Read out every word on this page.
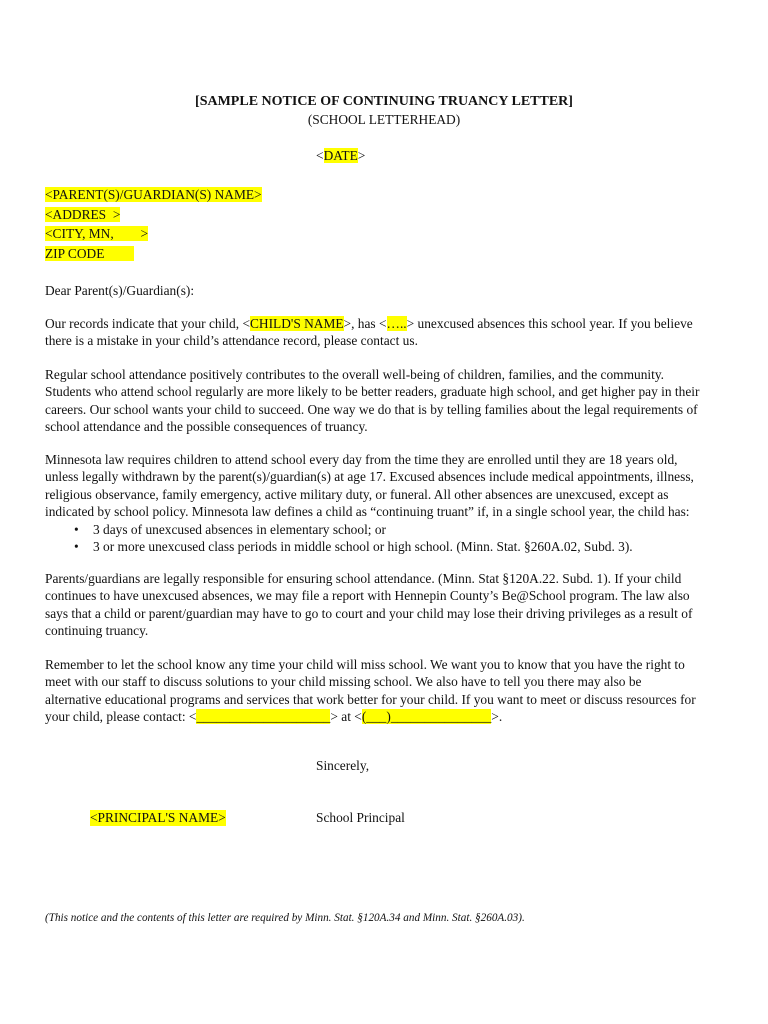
[SAMPLE NOTICE OF CONTINUING TRUANCY LETTER]
(SCHOOL LETTERHEAD)
<DATE>
<PARENT(S)/GUARDIAN(S) NAME>
<ADDRES  >
<CITY, MN,        >
ZIP CODE
Dear Parent(s)/Guardian(s):
Our records indicate that your child, <CHILD'S NAME>, has <…..> unexcused absences this school year. If you believe
there is a mistake in your child’s attendance record, please contact us.
Regular school attendance positively contributes to the overall well-being of children, families, and the community.
Students who attend school regularly are more likely to be better readers, graduate high school, and get higher pay in their
careers. Our school wants your child to succeed. One way we do that is by telling families about the legal requirements of
school attendance and the possible consequences of truancy.
Minnesota law requires children to attend school every day from the time they are enrolled until they are 18 years old,
unless legally withdrawn by the parent(s)/guardian(s) at age 17. Excused absences include medical appointments, illness,
religious observance, family emergency, active military duty, or funeral. All other absences are unexcused, except as
indicated by school policy. Minnesota law defines a child as “continuing truant” if, in a single school year, the child has:
• 3 days of unexcused absences in elementary school; or
• 3 or more unexcused class periods in middle school or high school. (Minn. Stat. §260A.02, Subd. 3).
Parents/guardians are legally responsible for ensuring school attendance. (Minn. Stat §120A.22. Subd. 1). If your child
continues to have unexcused absences, we may file a report with Hennepin County’s Be@School program. The law also
says that a child or parent/guardian may have to go to court and your child may lose their driving privileges as a result of
continuing truancy.
Remember to let the school know any time your child will miss school. We want you to know that you have the right to
meet with our staff to discuss solutions to your child missing school. We also have to tell you there may also be
alternative educational programs and services that work better for your child. If you want to meet or discuss resources for
your child, please contact: <____________________> at <(___)_______________>.
Sincerely,
<PRINCIPAL'S NAME>	School Principal
(This notice and the contents of this letter are required by Minn. Stat. §120A.34 and Minn. Stat. §260A.03).
